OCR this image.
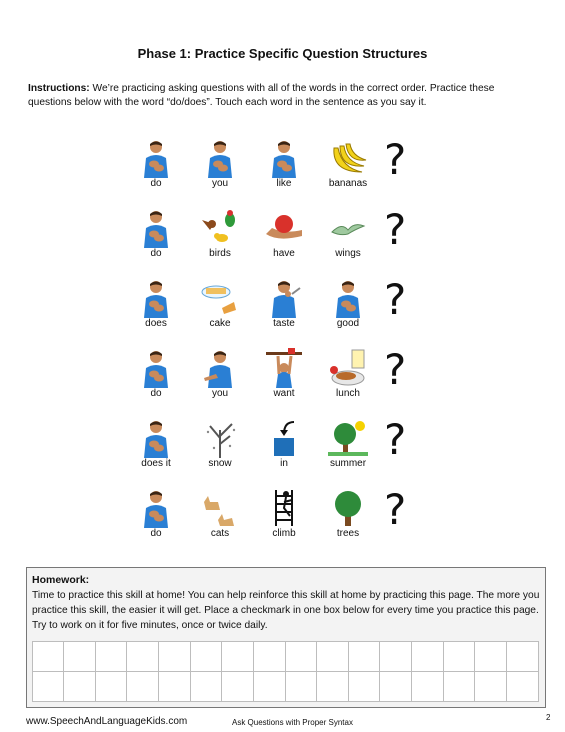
Phase 1: Practice Specific Question Structures
Instructions: We’re practicing asking questions with all of the words in the correct order. Practice these questions below with the word “do/does”. Touch each word in the sentence as you say it.
do	you	like	bananas ?
do	birds	have	wings ?
does	cake	taste	good ?
do	you	want	lunch ?
does it	snow	in	summer ?
do	cats	climb	trees ?
Homework:
Time to practice this skill at home! You can help reinforce this skill at home by practicing this page. The more you practice this skill, the easier it will get. Place a checkmark in one box below for every time you practice this page. Try to work on it for five minutes, once or twice daily.
www.SpeechAndLanguageKids.com	Ask Questions with Proper Syntax
2
